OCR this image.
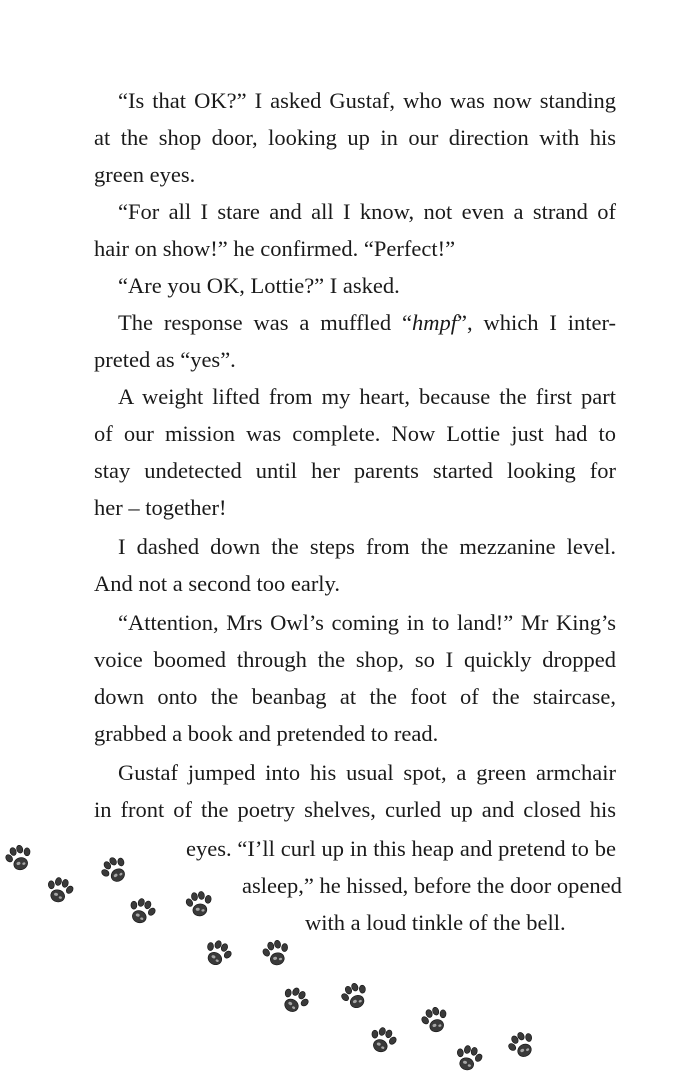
“Is that OK?” I asked Gustaf, who was now standing
at the shop door, looking up in our direction with his
green eyes.
“For all I stare and all I know, not even a strand of
hair on show!” he confirmed. “Perfect!”
“Are you OK, Lottie?” I asked.
The response was a muffled “hmpf”, which I inter-
preted as “yes”.
A weight lifted from my heart, because the first part
of our mission was complete. Now Lottie just had to
stay undetected until her parents started looking for
her – together!
I dashed down the steps from the mezzanine level.
And not a second too early.
“Attention, Mrs Owl’s coming in to land!” Mr King’s
voice boomed through the shop, so I quickly dropped
down onto the beanbag at the foot of the staircase,
grabbed a book and pretended to read.
Gustaf jumped into his usual spot, a green armchair
in front of the poetry shelves, curled up and closed his
eyes. “I’ll curl up in this heap and pretend to be
asleep,” he hissed, before the door opened
with a loud tinkle of the bell.
